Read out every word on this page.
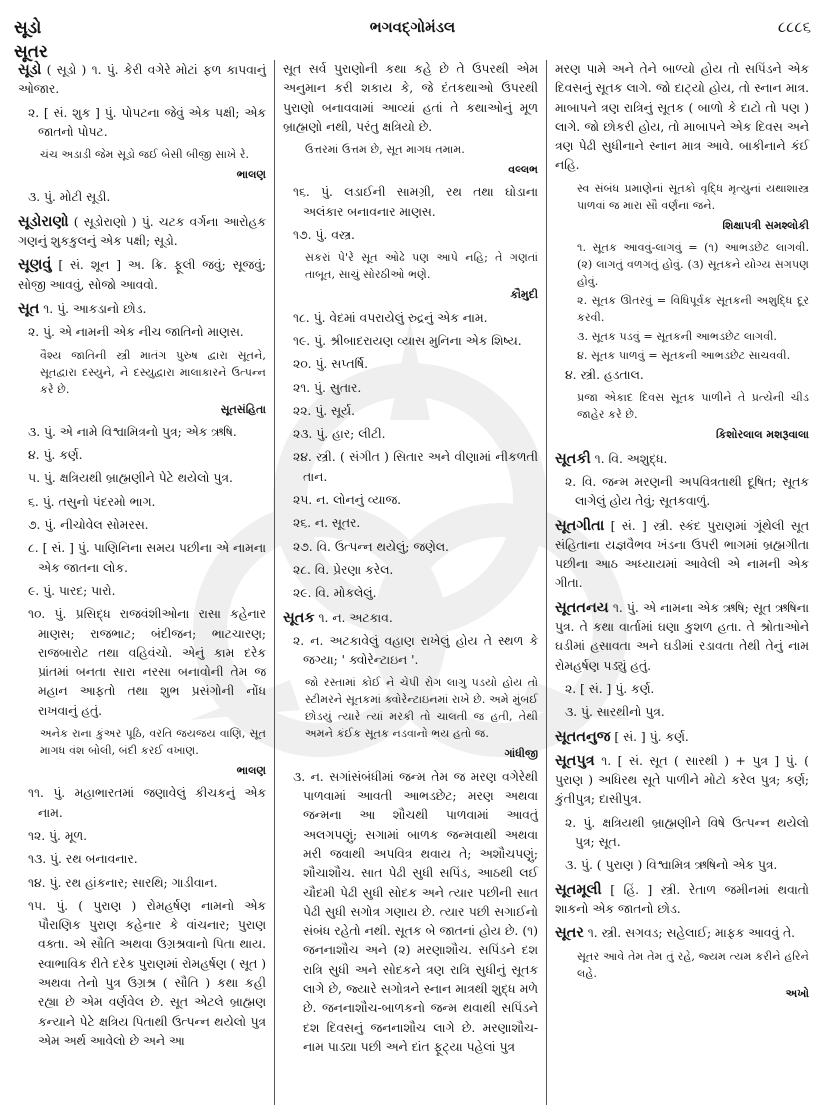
સૂડો
સૂતર
ભગવદ્ગોમંડલ	૮૮૮૬
સૂડો ( સૂડો ) ૧. પું. કેરી વગેરે મોટાં ફળ કાપવાનું ઓજાર.
૨. [ સં. શુક ] પું. પોપટના જેવું એક પક્ષી; એક જાતનો પોપટ.
ચંચ અડાડી જેમ સૂડો જઈ બેસી બીજી સાખે રે.
ભાલણ
૩. પું. મોટી સૂડી.
સૂડોરાણો ( સૂડોરાણો ) પું. ચટક વર્ગના આરોહક ગણનું શુકકુલનું એક પક્ષી; સૂડો.
સૂણવું [ સં. શૂન ] અ. ક્રિ. ફૂલી જવું; સૂજવું; સોજી આવવું, સોજો આવવો.
સૂત ૧. પું. આકડાનો છોડ.
૨. પું. એ નામની એક નીચ જાતિનો માણસ.
વૈશ્ય જાતિની સ્ત્રી માતંગ પુરુષ દ્વારા સૂતને, સૂતદ્વારા દસ્યુને, ને દસ્યુદ્વારા માલાકારને ઉત્પન્ન કરે છે.
સૂતસંહિતા
૩. પું. એ નામે વિશ્વામિત્રનો પુત્ર; એક ઋષિ.
૪. પું. કર્ણ.
૫. પું. ક્ષત્રિયથી બ્રાહ્મણીને પેટે થયેલો પુત્ર.
૬. પું. તસુનો પંદરમો ભાગ.
૭. પું. નીચોવેલ સોમરસ.
૮. [ સં. ] પું. પાણિનિના સમય પછીના એ નામના એક જાતના લોક.
૯. પું. પારદ; પારો.
૧૦. પું. પ્રસિદ્ધ રાજવંશીઓના રાસા કહેનાર માણસ; રાજભાટ; બંદીજન; ભાટચારણ; રાજબારોટ તથા વહિવંચો. એનું કામ દરેક પ્રાંતમાં બનતા સારા નરસા બનાવોની તેમ જ મહાન આફતો તથા શુભ પ્રસંગોની નોંધ રાખવાનું હતું.
અનેક રાના કુંઅર પૂઠિ, વરતિ જયજય વાણિ, સૂત માગધ વંશ બોલી, બંદી કરઈ વખાણ.
ભાલણ
૧૧. પું. મહાભારતમાં જણાવેલું કીચકનું એક નામ.
૧૨. પું. મૂળ.
૧૩. પું. રથ બનાવનાર.
૧૪. પું. રથ હાંકનાર; સારથિ; ગાડીવાન.
૧૫. પું. ( પુરાણ ) રોમહર્ષણ નામનો એક પૌરાણિક પુરાણ કહેનાર કે વાંચનાર; પુરાણ વક્તા. એ સૌતિ અથવા ઉગ્રશ્રવાનો પિતા થાય. સ્વાભાવિક રીતે દરેક પુરાણમાં રોમહર્ષણ ( સૂત ) અથવા તેનો પુત્ર ઉગ્રશ્ર ( સૌતિ ) કથા કહી રહ્યા છે એમ વર્ણવેલ છે. સૂત એટલે બ્રાહ્મણ કન્યાને પેટે ક્ષત્રિય પિતાથી ઉત્પન્ન થયેલો પુત્ર એમ અર્થ આવેલો છે અને આ
સૂત સર્વ પુરાણોની કથા કહે છે તે ઉપરથી એમ અનુમાન કરી શકાય કે, જે દંતકથાઓ ઉપરથી પુરાણો બનાવવામાં આવ્યાં હતાં તે કથાઓનું મૂળ બ્રાહ્મણો નથી, પરંતુ ક્ષત્રિયો છે.
ઉત્તરમાં ઉત્તમ છે, સૂત માગધ તમામ.
વલ્લભ
૧૬. પું. લડાઈની સામગ્રી, રથ તથા ઘોડાના અલંકાર બનાવનાર માણસ.
૧૭. પું. વસ્ત્ર.
સકરાં પે'રે સૂત ઓઢે પણ આપે નહિ; તે ગણતાં તાબૂત, સાચું સોરઠીઓ ભણે.
કૌમુદી
૧૮. પું. વેદમાં વપરાયેલું રુદ્રનું એક નામ.
૧૯. પું. શ્રીબાદરાયણ વ્યાસ મુનિના એક શિષ્ય.
૨૦. પું. સપ્તર્ષિ.
૨૧. પું. સુતાર.
૨૨. પું. સૂર્ય.
૨૩. પું. હાર; લીટી.
૨૪. સ્ત્રી. ( સંગીત ) સિતાર અને વીણામાં નીકળતી તાન.
૨૫. ન. લોનનું વ્યાજ.
૨૬. ન. સૂતર.
૨૭. વિ. ઉત્પન્ન થયેલું; જણેલ.
૨૮. વિ. પ્રેરણા કરેલ.
૨૯. વિ. મોકલેલું.
સૂતક ૧. ન. અટકાવ.
૨. ન. અટકાવેલું વહાણ રાખેલું હોય તે સ્થળ કે જગ્યા; ' ક્વોરેન્ટાઇન '.
જો રસ્તામાં કોઈ ને ચેપી રોગ લાગુ પડયો હોય તો સ્ટીમરને સૂતકમાં ક્વોરેન્ટાઇનમાં રાખે છે. અમે મુંબઈ છોડયું ત્યારે ત્યાં મરકી તો ચાલતી જ હતી, તેથી અમને કંઈક સૂતક નડવાનો ભય હતો જ.
ગાંધીજી
૩. ન. સગાંસંબંધીમાં જન્મ તેમ જ મરણ વગેરેથી પાળવામાં આવતી આભડછેટ; મરણ અથવા જન્મના આ શૌચથી પાળવામાં આવતું અલગપણું; સગામાં બાળક જન્મવાથી અથવા મરી જવાથી અપવિત્ર થવાય તે; અશૌચપણું; શૌચાશૌચ. સાત પેઢી સુધી સપિંડ, આઠથી લઈ ચૌદમી પેઢી સુધી સોદક અને ત્યાર પછીની સાત પેઢી સુધી સગોત્ર ગણાય છે. ત્યાર પછી સગાઈનો સંબંધ રહેતો નથી. સૂતક બે જાતનાં હોય છે. (૧) જનનાશૌચ અને (૨) મરણાશૌચ. સપિંડને દશ રાત્રિ સુધી અને સોદકને ત્રણ રાત્રિ સુધીનું સૂતક લાગે છે, જ્યારે સગોત્રને સ્નાન માત્રથી શુદ્ધ મળે છે. જનનાશૌચ-બાળકનો જન્મ થવાથી સપિંડને દશ દિવસનું જનનાશૌચ લાગે છે. મરણાશૌચ-નામ પાડ્યા પછી અને દાંત ફૂટ્યા પહેલાં પુત્ર
મરણ પામે અને તેને બાળ્યો હોય તો સપિંડને એક દિવસનું સૂતક લાગે. જો દાટ્યો હોય, તો સ્નાન માત્ર. માબાપને ત્રણ રાત્રિનું સૂતક ( બાળો કે દાટો તો પણ ) લાગે. જો છોકરી હોય, તો માબાપને એક દિવસ અને ત્રણ પેઢી સુધીનાને સ્નાન માત્ર આવે. બાકીનાને કંઈ નહિ.
સ્વ સંબંધ પ્રમાણેનાં સૂતકો વૃદ્ધિ મૃત્યુનાં યથાશાસ્ત્ર પાળવાં જ મારા સૌ વર્ણના જને.
શિક્ષાપત્રી સમશ્લોકી
૧. સૂતક આવવું-લાગવું = (૧) આભડછેટ લાગવી. (૨) લાગતું વળગતું હોવું. (૩) સૂતકને યોગ્ય સગપણ હોવું.
૨. સૂતક ઊતરવું = વિધિપૂર્વક સૂતકની અશુદ્ધિ દૂર કરવી.
૩. સૂતક પડવું = સૂતકની આભડછેટ લાગવી.
૪. સૂતક પાળવું = સૂતકની આભડછેટ સાચવવી.
૪. સ્ત્રી. હડતાલ.
પ્રજા એકાદ દિવસ સૂતક પાળીને તે પ્રત્યેની ચીડ જાહેર કરે છે.
કિશોરલાલ મશરૂવાલા
સૂતકી ૧. વિ. અશુદ્ધ.
૨. વિ. જન્મ મરણની અપવિત્રતાથી દૂષિત; સૂતક લાગેલું હોય તેવું; સૂતકવાળું.
સૂતગીતા [ સં. ] સ્ત્રી. સ્કંદ પુરાણમાં ગૂંથેલી સૂત સંહિતાના યજ્ઞવૈભવ ખંડના ઉપરી ભાગમાં બ્રહ્મગીતા પછીના આઠ અધ્યાયમાં આવેલી એ નામની એક ગીતા.
સૂતતનય ૧. પું. એ નામના એક ઋષિ; સૂત ઋષિના પુત્ર. તે કથા વાર્તામાં ઘણા કુશળ હતા. તે શ્રોતાઓને ઘડીમાં હસાવતા અને ઘડીમાં રડાવતા તેથી તેનું નામ રોમહર્ષણ પડ્યું હતું.
૨. [ સં. ] પું. કર્ણ.
૩. પું. સારથીનો પુત્ર.
સૂતતનુજ [ સં. ] પું. કર્ણ.
સૂતપુત્ર ૧. [ સં. સૂત ( સારથી ) + પુત્ર ] પું. ( પુરાણ ) અધિરથ સૂતે પાળીને મોટો કરેલ પુત્ર; કર્ણ; કુંતીપુત્ર; દાસીપુત્ર.
૨. પું. ક્ષત્રિયથી બ્રાહ્મણીને વિષે ઉત્પન્ન થયેલો પુત્ર; સૂત.
૩. પું. ( પુરાણ ) વિશ્વામિત્ર ઋષિનો એક પુત્ર.
સૂતમૂલી [ હિં. ] સ્ત્રી. રેતાળ જમીનમાં થવાતો શાકનો એક જાતનો છોડ.
સૂતર ૧. સ્ત્રી. સગવડ; સહેલાઈ; માફક આવવું તે.
સૂતર આવે તેમ તેમ તું રહે, જ્યમ ત્યમ કરીને હરિને લહે.
અખો
